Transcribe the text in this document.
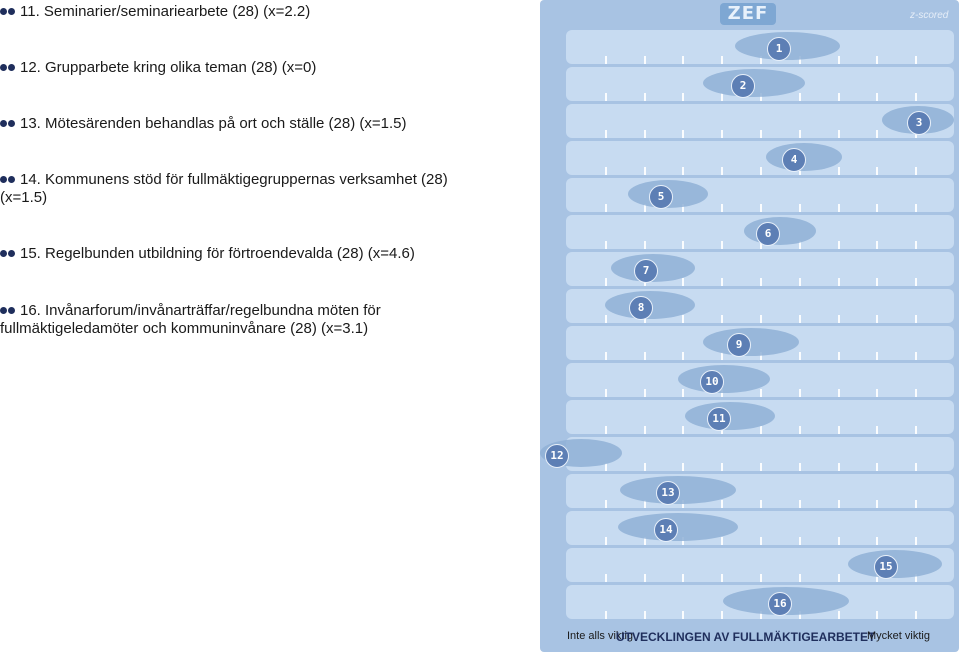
11. Seminarier/seminariearbete (28) (x=2.2)
12. Grupparbete kring olika teman (28) (x=0)
13. Mötesärenden behandlas på ort och ställe (28) (x=1.5)
14. Kommunens stöd för fullmäktigegruppernas verksamhet (28)
(x=1.5)
15. Regelbunden utbildning för förtroendevalda (28) (x=4.6)
16. Invånarforum/invånarträffar/regelbundna möten för
fullmäktigeledamöter och kommuninvånare (28) (x=3.1)
ZEF	z-scored
1
2
3
4
5
6
7
8
9
10
11
12
13
14
15
16
Inte alls viktig
UTVECKLINGEN AV FULLMÄKTIGEARBETET
Mycket viktig
